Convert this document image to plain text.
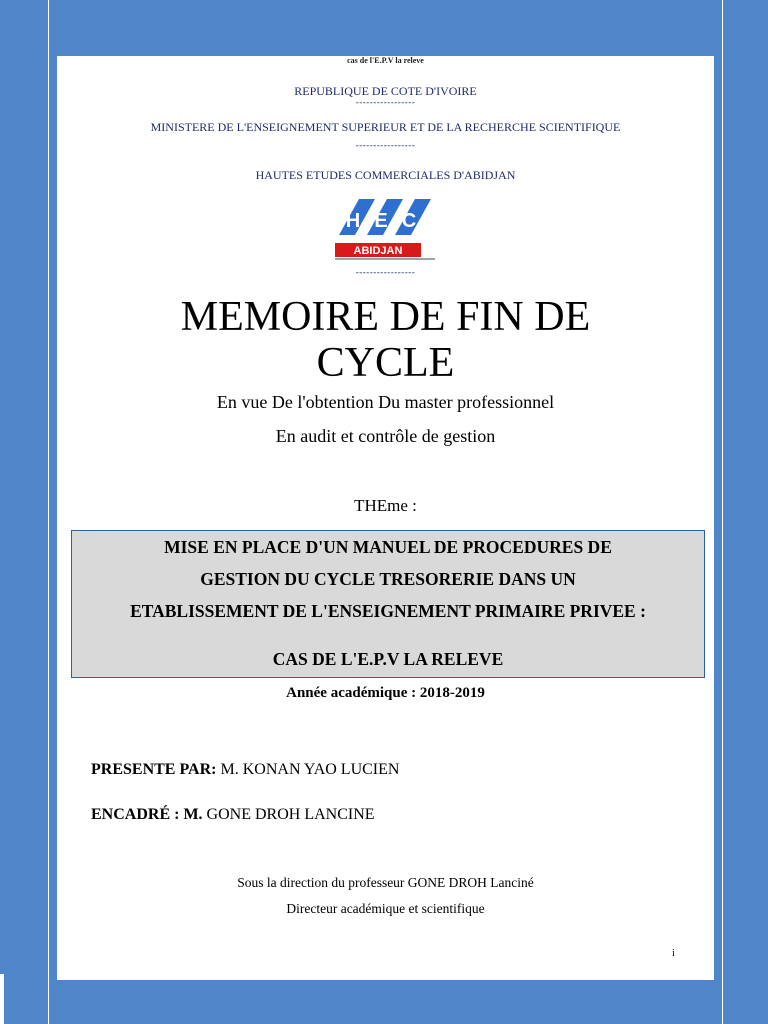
cas de l'E.P.V la releve
REPUBLIQUE DE COTE D'IVOIRE
-----------------
MINISTERE DE L'ENSEIGNEMENT SUPERIEUR ET DE LA RECHERCHE SCIENTIFIQUE
-----------------
HAUTES ETUDES COMMERCIALES D'ABIDJAN
H E C
ABIDJAN
-----------------
MEMOIRE DE FIN DE
CYCLE
En vue De l'obtention Du master professionnel
En audit et contrôle de gestion
THEme :
MISE EN PLACE D'UN MANUEL DE PROCEDURES DE
GESTION DU CYCLE TRESORERIE DANS UN
ETABLISSEMENT DE L'ENSEIGNEMENT PRIMAIRE PRIVEE :
CAS DE L'E.P.V LA RELEVE
Année académique : 2018-2019
PRESENTE PAR: M. KONAN YAO LUCIEN
ENCADRÉ : M. GONE DROH LANCINE
Sous la direction du professeur GONE DROH Lanciné
Directeur académique et scientifique
i
